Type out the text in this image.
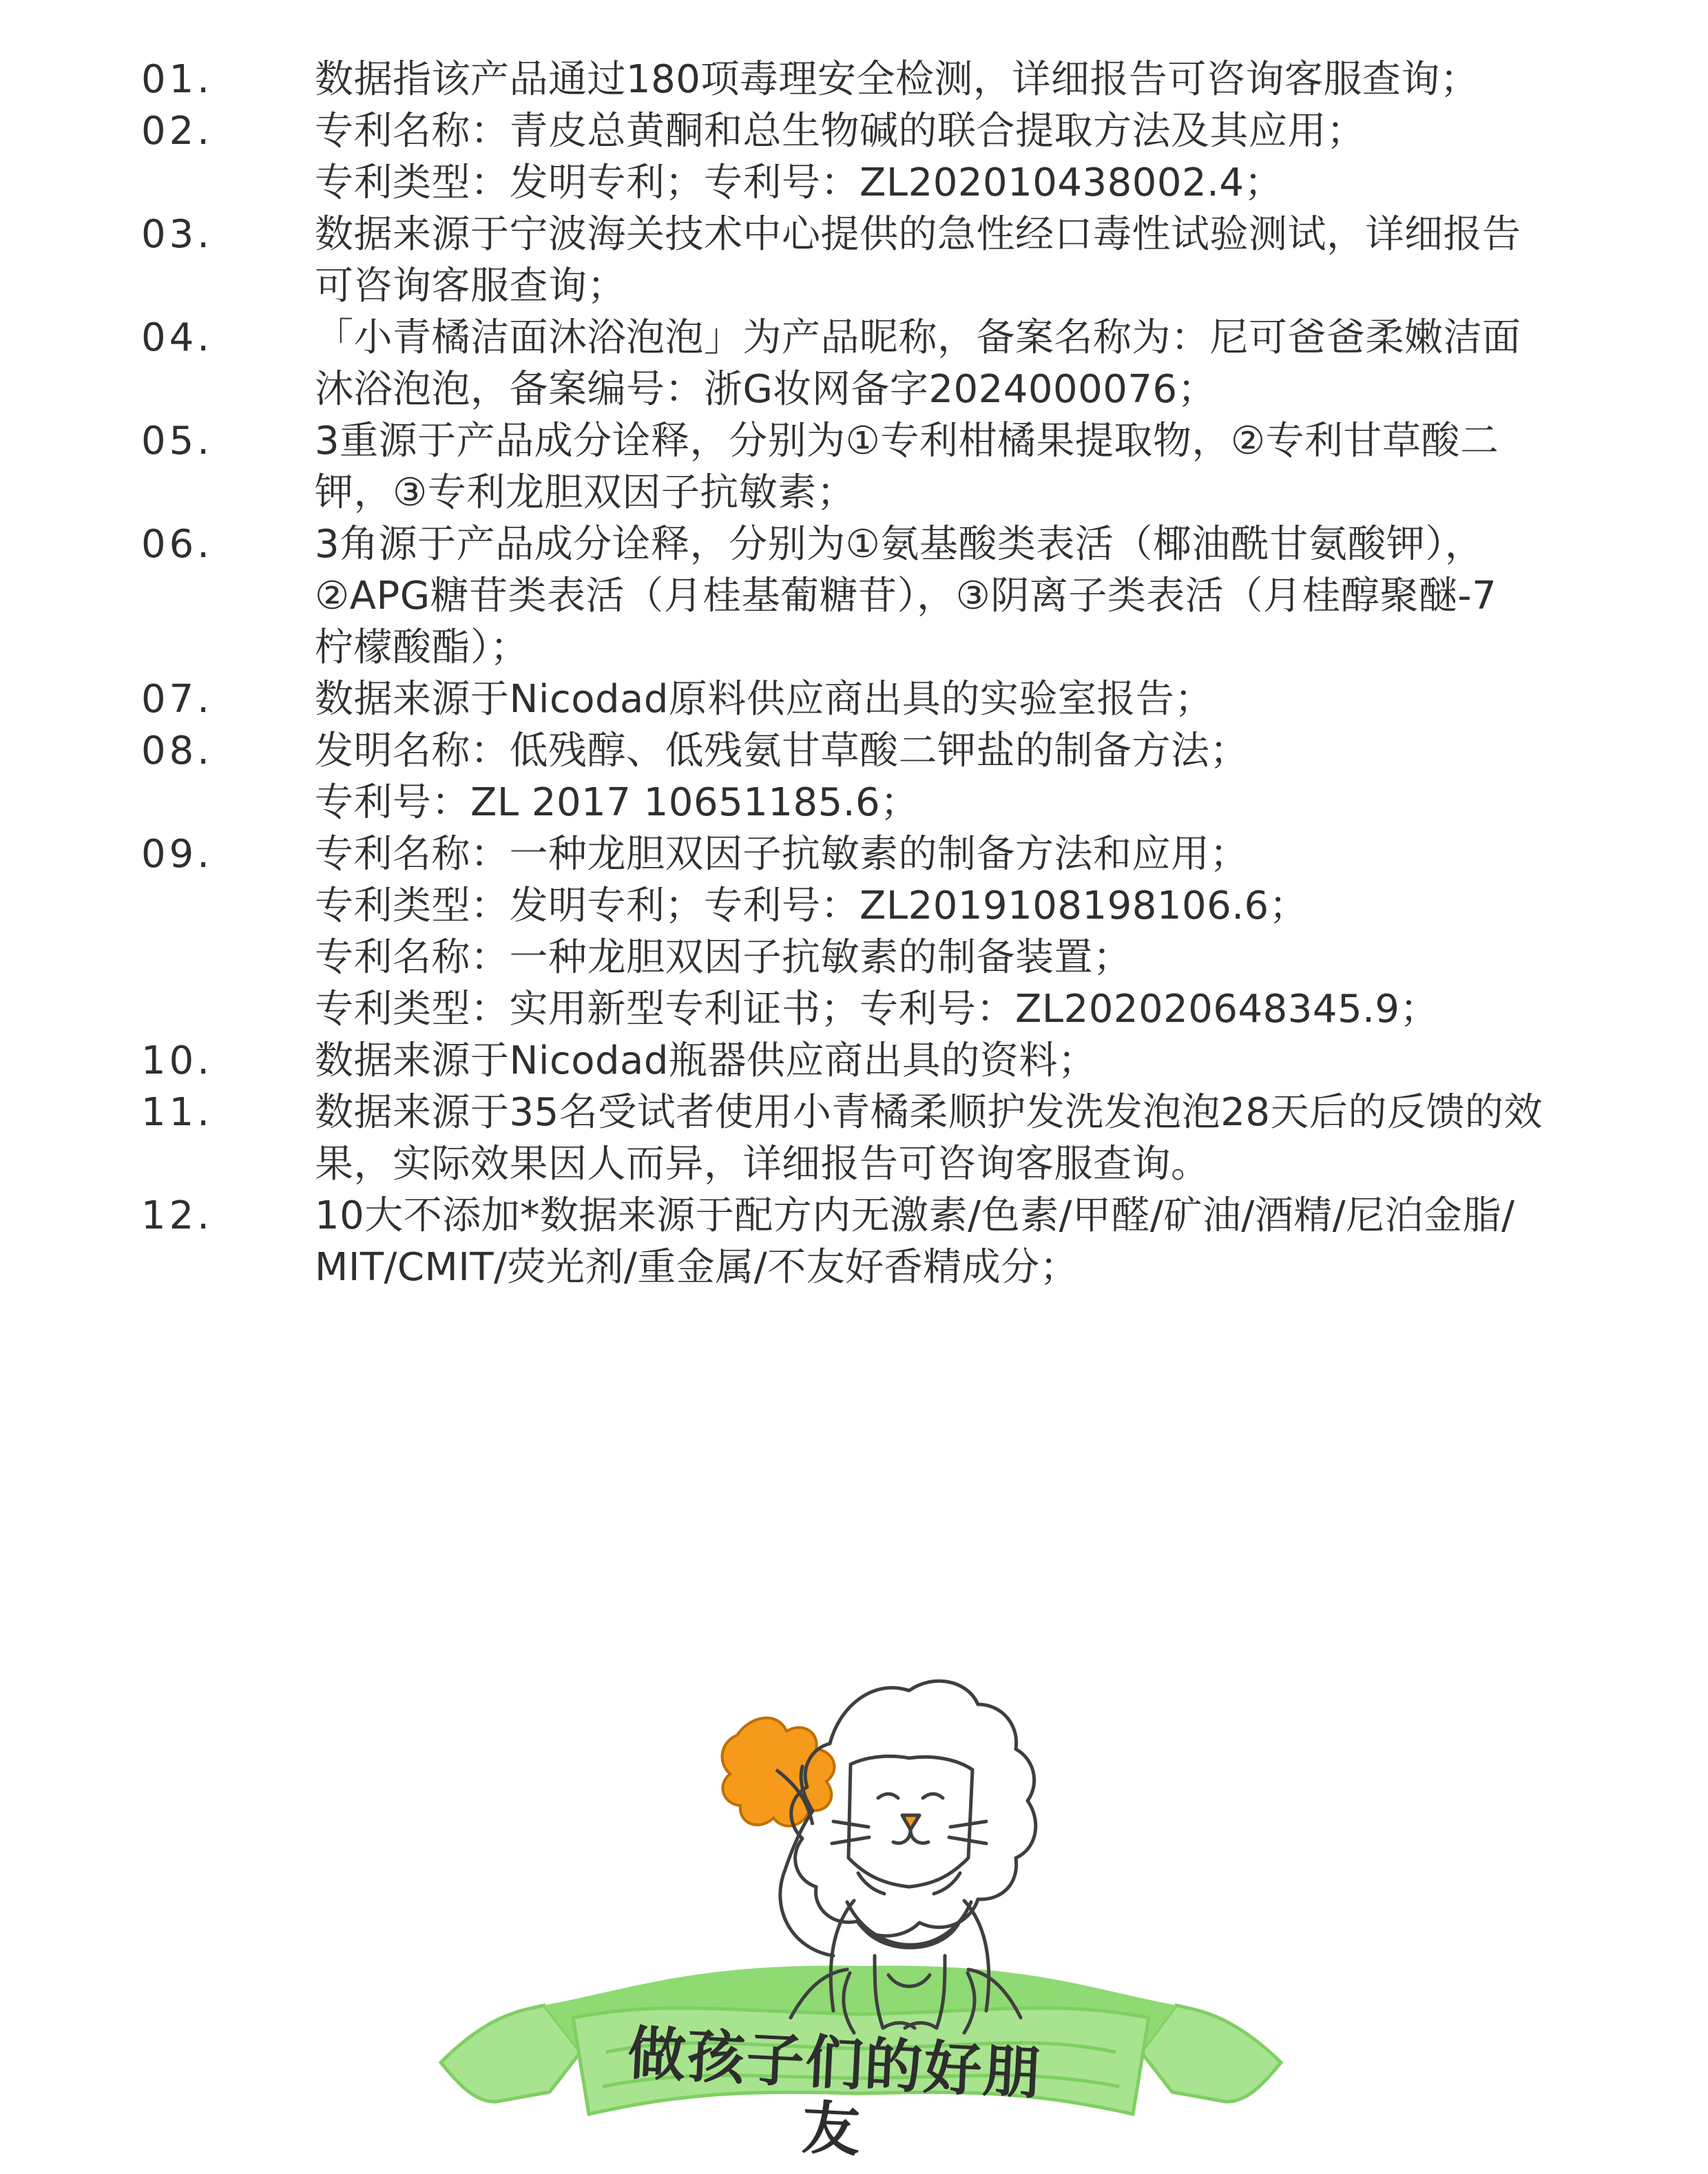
01.	数据指该产品通过180项毒理安全检测，详细报告可咨询客服查询；
02.	专利名称：青皮总黄酮和总生物碱的联合提取方法及其应用；
专利类型：发明专利；专利号：ZL202010438002.4；
03.	数据来源于宁波海关技术中心提供的急性经口毒性试验测试，详细报告
可咨询客服查询；
04.	「小青橘洁面沐浴泡泡」为产品昵称，备案名称为：尼可爸爸柔嫩洁面
沐浴泡泡，备案编号：浙G妆网备字2024000076；
05.	3重源于产品成分诠释，分别为①专利柑橘果提取物，②专利甘草酸二
钾，③专利龙胆双因子抗敏素；
06.	3角源于产品成分诠释，分别为①氨基酸类表活（椰油酰甘氨酸钾），
②APG糖苷类表活（月桂基葡糖苷），③阴离子类表活（月桂醇聚醚-7
柠檬酸酯）；
07.	数据来源于Nicodad原料供应商出具的实验室报告；
08.	发明名称：低残醇、低残氨甘草酸二钾盐的制备方法；
专利号：ZL 2017 10651185.6；
09.	专利名称：一种龙胆双因子抗敏素的制备方法和应用；
专利类型：发明专利；专利号：ZL2019108198106.6；
专利名称：一种龙胆双因子抗敏素的制备装置；
专利类型：实用新型专利证书；专利号：ZL202020648345.9；
10.	数据来源于Nicodad瓶器供应商出具的资料；
11.	数据来源于35名受试者使用小青橘柔顺护发洗发泡泡28天后的反馈的效
果，实际效果因人而异，详细报告可咨询客服查询。
12.	10大不添加*数据来源于配方内无激素/色素/甲醛/矿油/酒精/尼泊金脂/
MIT/CMIT/荧光剂/重金属/不友好香精成分；
做孩子们的好朋友
